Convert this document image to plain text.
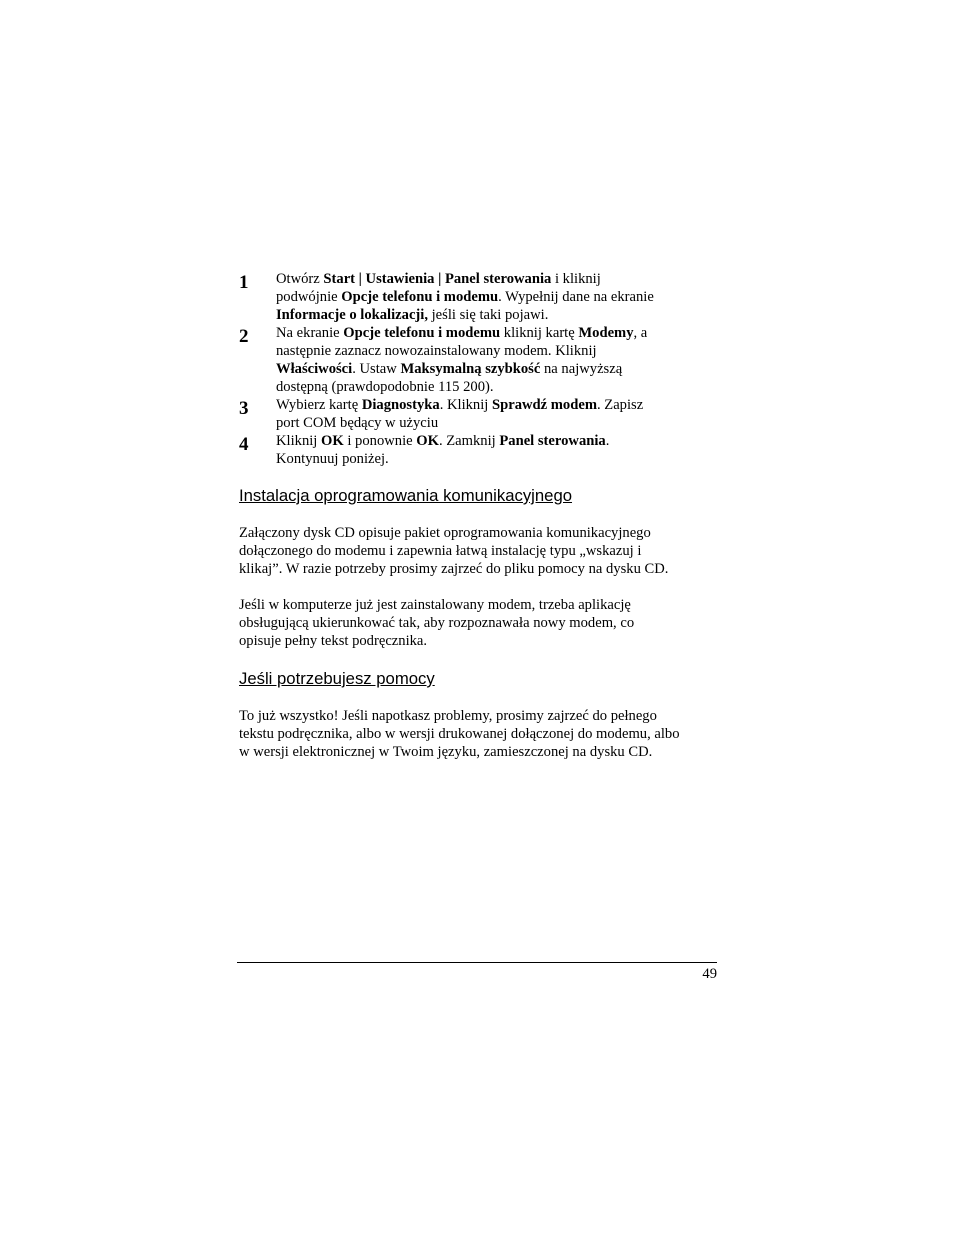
1 Otwórz Start | Ustawienia | Panel sterowania i kliknij
podwójnie Opcje telefonu i modemu. Wypełnij dane na ekranie
Informacje o lokalizacji, jeśli się taki pojawi.
2 Na ekranie Opcje telefonu i modemu kliknij kartę Modemy, a
następnie zaznacz nowozainstalowany modem. Kliknij
Właściwości. Ustaw Maksymalną szybkość na najwyższą
dostępną (prawdopodobnie 115 200).
3 Wybierz kartę Diagnostyka. Kliknij Sprawdź modem. Zapisz
port COM będący w użyciu
4 Kliknij OK i ponownie OK. Zamknij Panel sterowania.
Kontynuuj poniżej.
Instalacja oprogramowania komunikacyjnego
Załączony dysk CD opisuje pakiet oprogramowania komunikacyjnego
dołączonego do modemu i zapewnia łatwą instalację typu „wskazuj i
klikaj”. W razie potrzeby prosimy zajrzeć do pliku pomocy na dysku CD.
Jeśli w komputerze już jest zainstalowany modem, trzeba aplikację
obsługującą ukierunkować tak, aby rozpoznawała nowy modem, co
opisuje pełny tekst podręcznika.
Jeśli potrzebujesz pomocy
To już wszystko! Jeśli napotkasz problemy, prosimy zajrzeć do pełnego
tekstu podręcznika, albo w wersji drukowanej dołączonej do modemu, albo
w wersji elektronicznej w Twoim języku, zamieszczonej na dysku CD.
49
